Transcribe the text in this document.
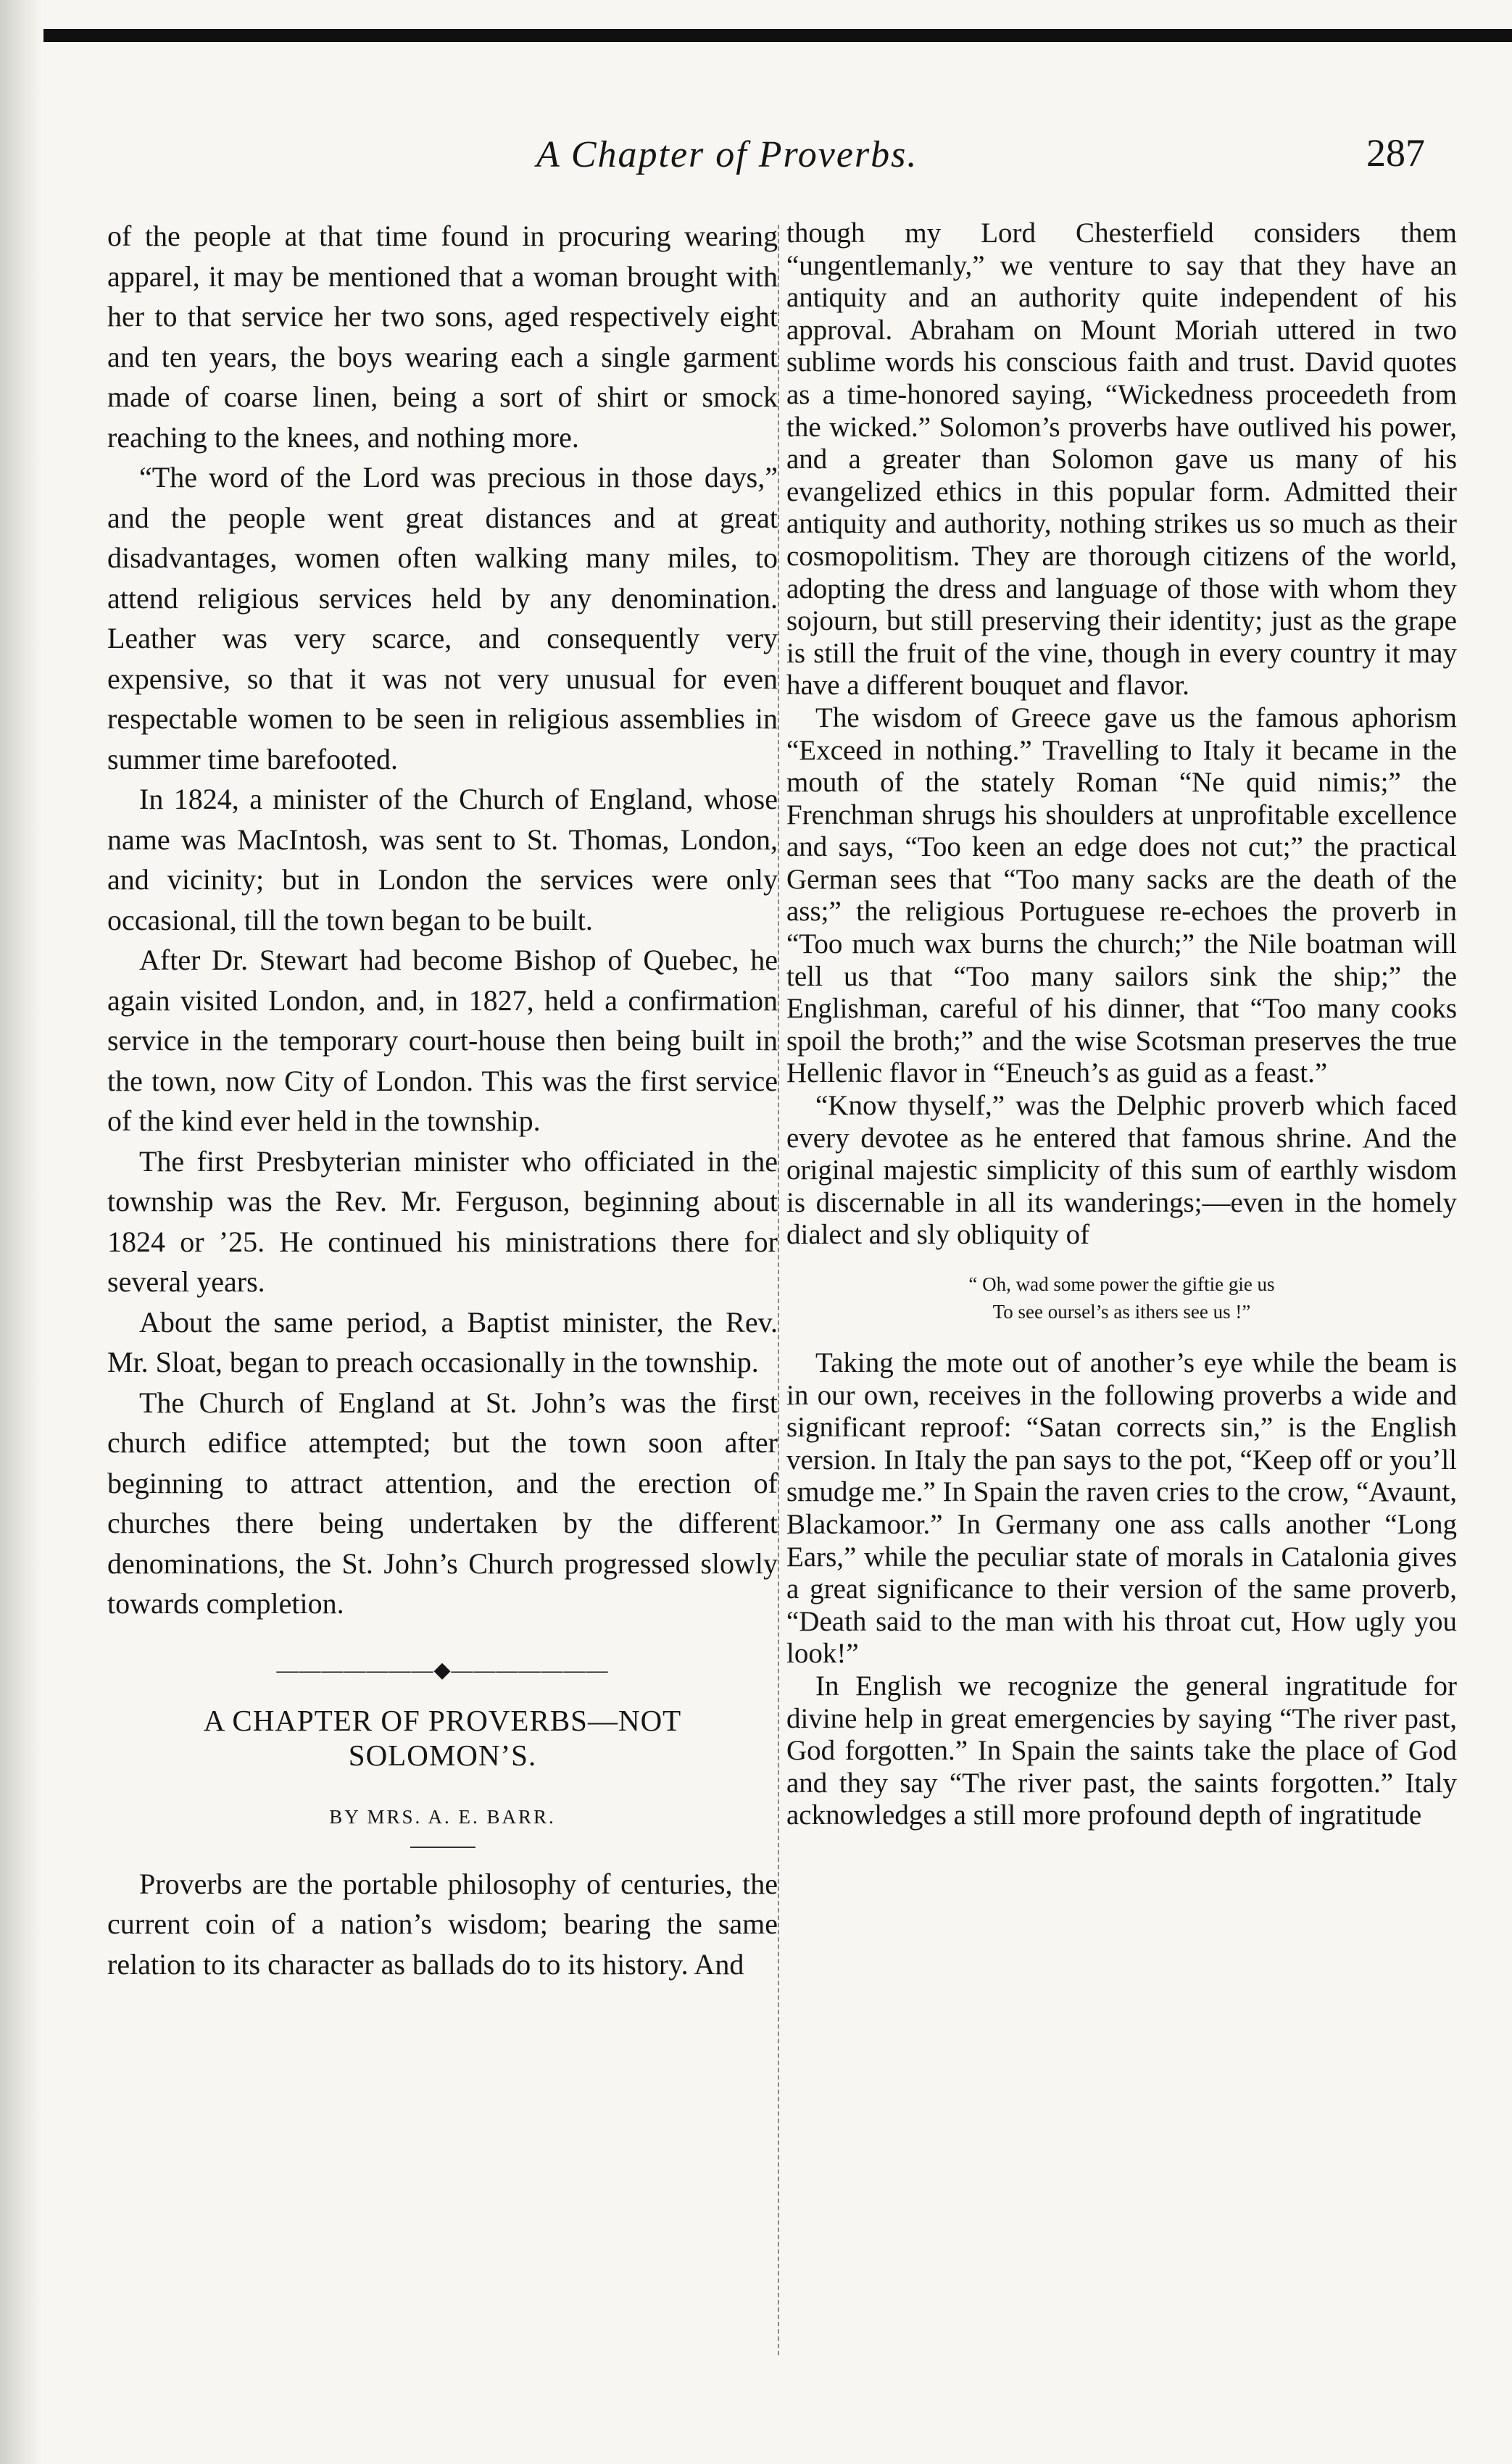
A Chapter of Proverbs.	287

of the people at that time found in procuring wearing apparel, it may be mentioned that a woman brought with her to that service her two sons, aged respectively eight and ten years, the boys wearing each a single garment made of coarse linen, being a sort of shirt or smock reaching to the knees, and nothing more.

“The word of the Lord was precious in those days,” and the people went great distances and at great disadvantages, women often walking many miles, to attend religious services held by any denomination. Leather was very scarce, and consequently very expensive, so that it was not very unusual for even respectable women to be seen in religious assemblies in summer time barefooted.

In 1824, a minister of the Church of England, whose name was MacIntosh, was sent to St. Thomas, London, and vicinity; but in London the services were only occasional, till the town began to be built.

After Dr. Stewart had become Bishop of Quebec, he again visited London, and, in 1827, held a confirmation service in the temporary court-house then being built in the town, now City of London. This was the first service of the kind ever held in the township.

The first Presbyterian minister who officiated in the township was the Rev. Mr. Ferguson, beginning about 1824 or ’25. He continued his ministrations there for several years.

About the same period, a Baptist minister, the Rev. Mr. Sloat, began to preach occasionally in the township.

The Church of England at St. John’s was the first church edifice attempted; but the town soon after beginning to attract attention, and the erection of churches there being undertaken by the different denominations, the St. John’s Church progressed slowly towards completion.

———————◆———————
A CHAPTER OF PROVERBS—NOT SOLOMON’S.
BY MRS. A. E. BARR.

Proverbs are the portable philosophy of centuries, the current coin of a nation’s wisdom; bearing the same relation to its character as ballads do to its history. And

though my Lord Chesterfield considers them “ungentlemanly,” we venture to say that they have an antiquity and an authority quite independent of his approval. Abraham on Mount Moriah uttered in two sublime words his conscious faith and trust. David quotes as a time-honored saying, “Wickedness proceedeth from the wicked.” Solomon’s proverbs have outlived his power, and a greater than Solomon gave us many of his evangelized ethics in this popular form. Admitted their antiquity and authority, nothing strikes us so much as their cosmopolitism. They are thorough citizens of the world, adopting the dress and language of those with whom they sojourn, but still preserving their identity; just as the grape is still the fruit of the vine, though in every country it may have a different bouquet and flavor.

The wisdom of Greece gave us the famous aphorism “Exceed in nothing.” Travelling to Italy it became in the mouth of the stately Roman “Ne quid nimis;” the Frenchman shrugs his shoulders at unprofitable excellence and says, “Too keen an edge does not cut;” the practical German sees that “Too many sacks are the death of the ass;” the religious Portuguese re-echoes the proverb in “Too much wax burns the church;” the Nile boatman will tell us that “Too many sailors sink the ship;” the Englishman, careful of his dinner, that “Too many cooks spoil the broth;” and the wise Scotsman preserves the true Hellenic flavor in “Eneuch’s as guid as a feast.”

“Know thyself,” was the Delphic proverb which faced every devotee as he entered that famous shrine. And the original majestic simplicity of this sum of earthly wisdom is discernable in all its wanderings;—even in the homely dialect and sly obliquity of

“ Oh, wad some power the giftie gie us
To see oursel’s as ithers see us !”

Taking the mote out of another’s eye while the beam is in our own, receives in the following proverbs a wide and significant reproof: “Satan corrects sin,” is the English version. In Italy the pan says to the pot, “Keep off or you’ll smudge me.” In Spain the raven cries to the crow, “Avaunt, Blackamoor.” In Germany one ass calls another “Long Ears,” while the peculiar state of morals in Catalonia gives a great significance to their version of the same proverb, “Death said to the man with his throat cut, How ugly you look!”

In English we recognize the general ingratitude for divine help in great emergencies by saying “The river past, God forgotten.” In Spain the saints take the place of God and they say “The river past, the saints forgotten.” Italy acknowledges a still more profound depth of ingratitude
